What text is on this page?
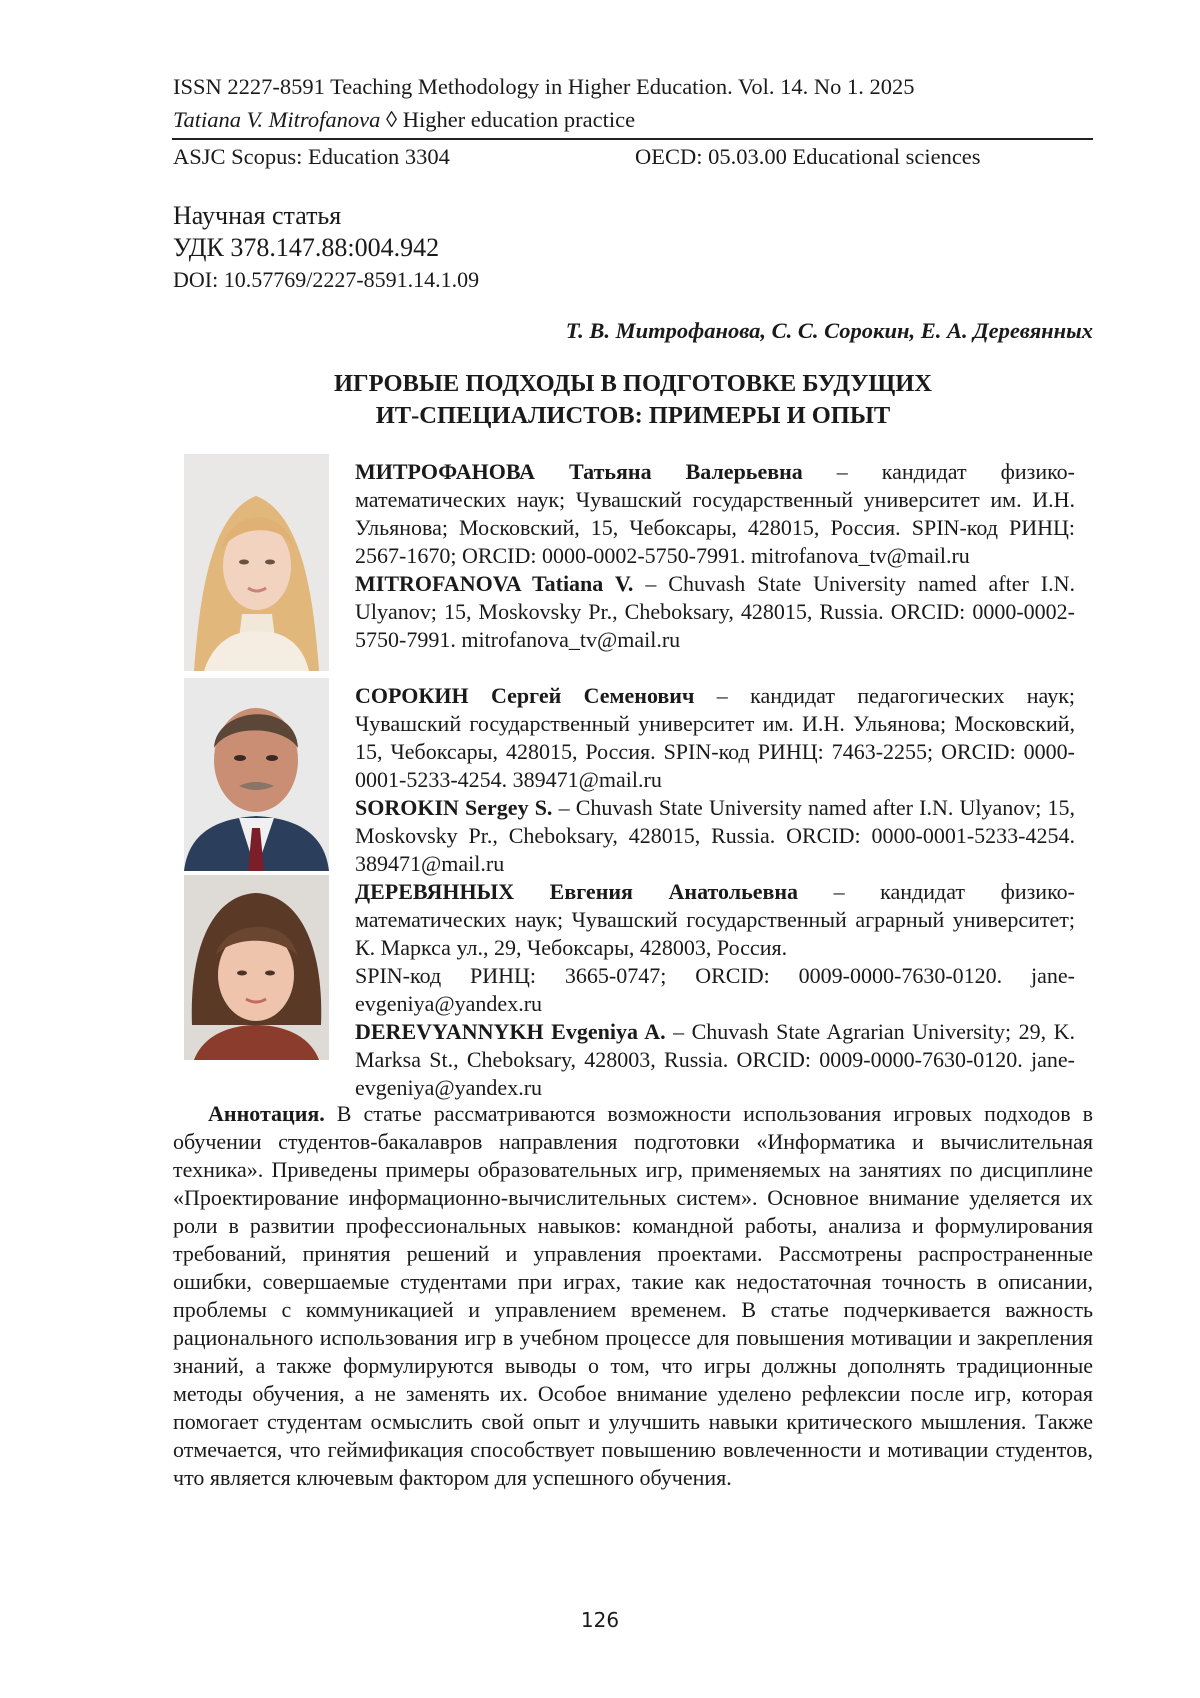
ISSN 2227-8591 Teaching Methodology in Higher Education. Vol. 14. No 1. 2025
Tatiana V. Mitrofanova ◊ Higher education practice
ASJC Scopus: Education 3304	OECD: 05.03.00 Educational sciences
Научная статья
УДК 378.147.88:004.942
DOI: 10.57769/2227-8591.14.1.09
Т. В. Митрофанова, С. С. Сорокин, Е. А. Деревянных
ИГРОВЫЕ ПОДХОДЫ В ПОДГОТОВКЕ БУДУЩИХ
ИТ-СПЕЦИАЛИСТОВ: ПРИМЕРЫ И ОПЫТ

МИТРОФАНОВА Татьяна Валерьевна – кандидат физико-математических наук; Чувашский государственный университет им. И.Н. Ульянова; Московский, 15, Чебоксары, 428015, Россия. SPIN-код РИНЦ: 2567-1670; ORCID: 0000-0002-5750-7991. mitrofanova_tv@mail.ru

MITROFANOVA Tatiana V. – Chuvash State University named after I.N. Ulyanov; 15, Moskovsky Pr., Cheboksary, 428015, Russia. ORCID: 0000-0002-5750-7991. mitrofanova_tv@mail.ru

СОРОКИН Сергей Семенович – кандидат педагогических наук; Чувашский государственный университет им. И.Н. Ульянова; Московский, 15, Чебоксары, 428015, Россия. SPIN-код РИНЦ: 7463-2255; ORCID: 0000-0001-5233-4254. 389471@mail.ru

SOROKIN Sergey S. – Chuvash State University named after I.N. Ulyanov; 15, Moskovsky Pr., Cheboksary, 428015, Russia. ORCID: 0000-0001-5233-4254. 389471@mail.ru

ДЕРЕВЯННЫХ Евгения Анатольевна – кандидат физико-математических наук; Чувашский государственный аграрный университет; К. Маркса ул., 29, Чебоксары, 428003, Россия.

SPIN-код РИНЦ: 3665-0747; ORCID: 0009-0000-7630-0120. jane-evgeniya@yandex.ru

DEREVYANNYKH Evgeniya A. – Chuvash State Agrarian University; 29, K. Marksa St., Cheboksary, 428003, Russia. ORCID: 0009-0000-7630-0120. jane-evgeniya@yandex.ru

Аннотация. В статье рассматриваются возможности использования игровых подходов в обучении студентов-бакалавров направления подготовки «Информатика и вычислительная техника». Приведены примеры образовательных игр, применяемых на занятиях по дисциплине «Проектирование информационно-вычислительных систем». Основное внимание уделяется их роли в развитии профессиональных навыков: командной работы, анализа и формулирования требований, принятия решений и управления проектами. Рассмотрены распространенные ошибки, совершаемые студентами при играх, такие как недостаточная точность в описании, проблемы с коммуникацией и управлением временем. В статье подчеркивается важность рационального использования игр в учебном процессе для повышения мотивации и закрепления знаний, а также формулируются выводы о том, что игры должны дополнять традиционные методы обучения, а не заменять их. Особое внимание уделено рефлексии после игр, которая помогает студентам осмыслить свой опыт и улучшить навыки критического мышления. Также отмечается, что геймификация способствует повышению вовлеченности и мотивации студентов, что является ключевым фактором для успешного обучения.

126
